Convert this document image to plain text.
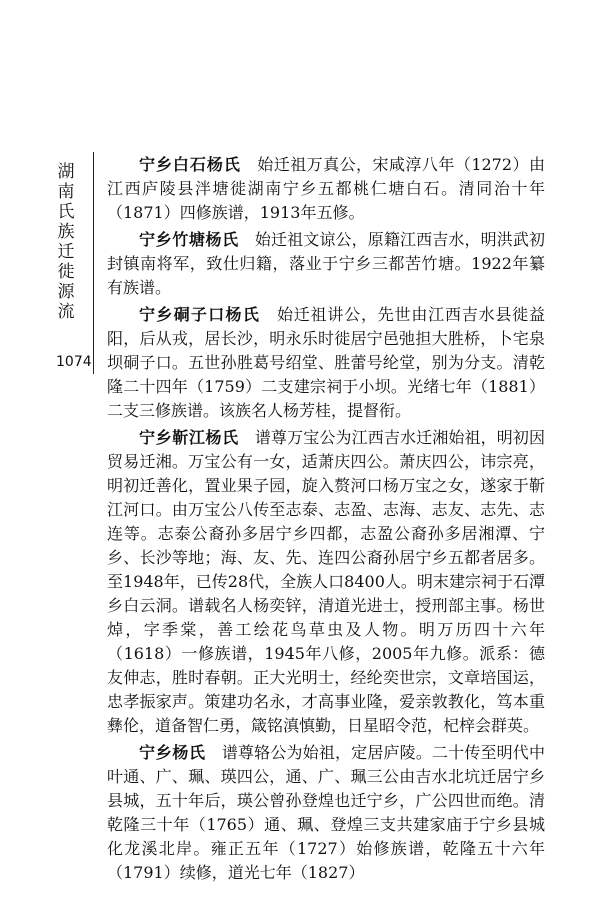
湖南氏族迁徙源流
1074

宁乡白石杨氏　 始迁祖万真公，宋咸淳八年（1272）由江西庐陵县泮塘徙湖南宁乡五都桃仁塘白石。清同治十年（1871）四修族谱，1913年五修。

宁乡竹塘杨氏　 始迁祖文谅公，原籍江西吉水，明洪武初封镇南将军，致仕归籍，落业于宁乡三都苦竹塘。1922年纂有族谱。

宁乡硐子口杨氏　 始迁祖讲公，先世由江西吉水县徙益阳，后从戎，居长沙，明永乐时徙居宁邑弛担大胜桥，卜宅泉坝硐子口。五世孙胜葛号绍堂、胜蕾号纶堂，别为分支。清乾隆二十四年（1759）二支建宗祠于小坝。光绪七年（1881）二支三修族谱。该族名人杨芳桂，提督衔。

宁乡靳江杨氏　 谱尊万宝公为江西吉水迁湘始祖，明初因贸易迁湘。万宝公有一女，适萧庆四公。萧庆四公，讳宗亮，明初迁善化，置业果子园，旋入赘河口杨万宝之女，遂家于靳江河口。由万宝公八传至志泰、志盈、志海、志友、志先、志连等。志泰公裔孙多居宁乡四都，志盈公裔孙多居湘潭、宁乡、长沙等地；海、友、先、连四公裔孙居宁乡五都者居多。至1948年，已传28代，全族人口8400人。明末建宗祠于石潭乡白云洞。谱载名人杨奕锌，清道光进士，授刑部主事。杨世焯，字季棠，善工绘花鸟草虫及人物。明万历四十六年（1618）一修族谱，1945年八修，2005年九修。派系：德友伸志，胜时春朝。正大光明士，经纶奕世宗，文章培国运，忠孝振家声。策建功名永，才高事业隆，爱亲敦教化，笃本重彝伦，道备智仁勇，箴铭滇慎勤，日星昭令范，杞梓会群英。

宁乡杨氏　 谱尊辂公为始祖，定居庐陵。二十传至明代中叶通、广、珮、瑛四公，通、广、珮三公由吉水北坑迁居宁乡县城，五十年后，瑛公曾孙登煌也迁宁乡，广公四世而绝。清乾隆三十年（1765）通、珮、登煌三支共建家庙于宁乡县城化龙溪北岸。雍正五年（1727）始修族谱，乾隆五十六年（1791）续修，道光七年（1827）
